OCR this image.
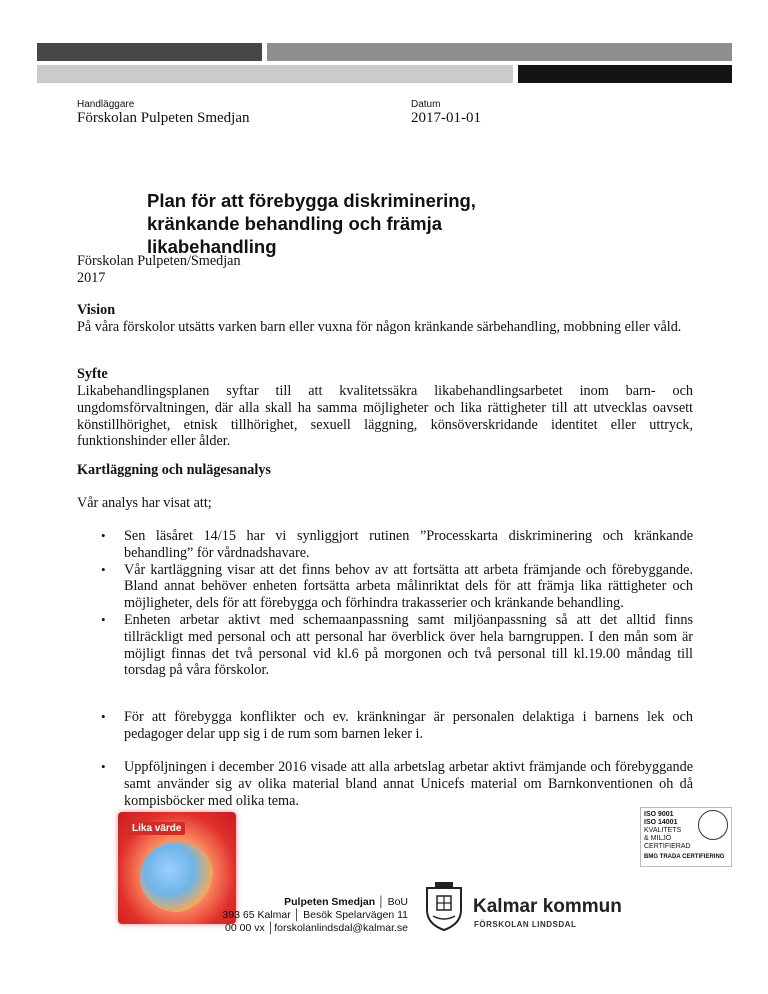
Handläggare
Förskolan Pulpeten Smedjan
Datum
2017-01-01
Plan för att förebygga diskriminering, kränkande behandling och främja likabehandling
Förskolan Pulpeten/Smedjan
2017
Vision
På våra förskolor utsätts varken barn eller vuxna för någon kränkande särbehandling, mobbning eller våld.
Syfte
Likabehandlingsplanen syftar till att kvalitetssäkra likabehandlingsarbetet inom barn- och ungdomsförvaltningen, där alla skall ha samma möjligheter och lika rättigheter till att utvecklas oavsett könstillhörighet, etnisk tillhörighet, sexuell läggning, könsöverskridande identitet eller uttryck, funktionshinder eller ålder.
Kartläggning och nulägesanalys
Vår analys har visat att;
• Sen läsåret 14/15 har vi synliggjort rutinen ”Processkarta diskriminering och kränkande behandling” för vårdnadshavare.
• Vår kartläggning visar att det finns behov av att fortsätta att arbeta främjande och förebyggande. Bland annat behöver enheten fortsätta arbeta målinriktat dels för att främja lika rättigheter och möjligheter, dels för att förebygga och förhindra trakasserier och kränkande behandling.
• Enheten arbetar aktivt med schemaanpassning samt miljöanpassning så att det alltid finns tillräckligt med personal och att personal har överblick över hela barngruppen. I den mån som är möjligt finnas det två personal vid kl.6 på morgonen och två personal till kl.19.00 måndag till torsdag på våra förskolor.
• För att förebygga konflikter och ev. kränkningar är personalen delaktiga i barnens lek och pedagoger delar upp sig i de rum som barnen leker i.
• Uppföljningen i december 2016 visade att alla arbetslag arbetar aktivt främjande och förebyggande samt använder sig av olika material bland annat Unicefs material om Barnkonventionen oh då kompisböcker med olika tema.
Lika värde
Pulpeten Smedjan │ BoU
393 65 Kalmar │ Besök Spelarvägen 11
00 00 vx │forskolanlindsdal@kalmar.se
ISO 9001
ISO 14001
KVALITETS
& MILJÖ
CERTIFIERAD
BMG TRADA CERTIFIERING
Kalmar kommun
FÖRSKOLAN LINDSDAL
